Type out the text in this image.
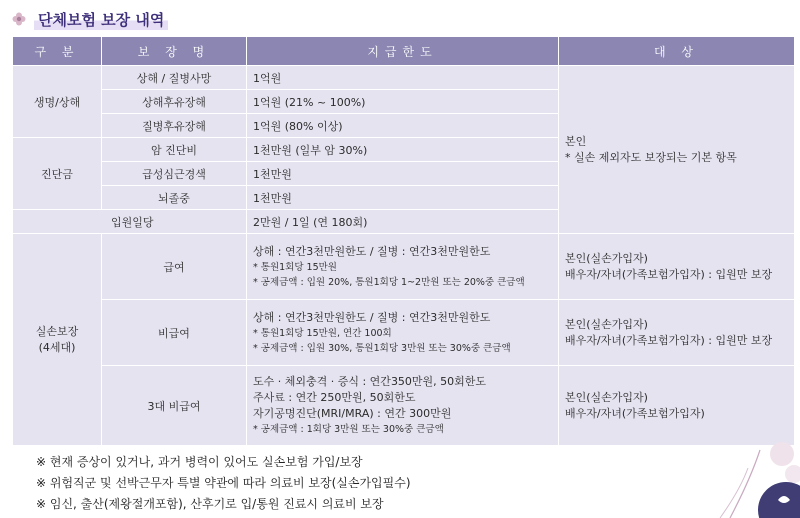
단체보험 보장 내역
구 분	보 장 명	지급한도	대 상
생명/상해	상해 / 질병사망	1억원	본인
* 실손 제외자도 보장되는 기본 항목

	상해후유장해	1억원 (21% ~ 100%)	
	질병후유장해	1억원 (80% 이상)	
진단금	암 진단비	1천만원 (일부 암 30%)	
	급성심근경색	1천만원	
	뇌졸중	1천만원	
입원일당		2만원 / 1일 (연 180회)	

실손보장
(4세대)	급여	상해 : 연간3천만원한도 / 질병 : 연간3천만원한도
* 통원1회당 15만원
* 공제금액 : 입원 20%, 통원1회당 1~2만원 또는 20%중 큰금액	본인(실손가입자)
배우자/자녀(가족보험가입자) : 입원만 보장

	비급여	상해 : 연간3천만원한도 / 질병 : 연간3천만원한도
* 통원1회당 15만원, 연간 100회
* 공제금액 : 입원 30%, 통원1회당 3만원 또는 30%중 큰금액	본인(실손가입자)
배우자/자녀(가족보험가입자) : 입원만 보장

	3대 비급여	도수 · 체외충격 · 증식 : 연간350만원, 50회한도
주사료 : 연간 250만원, 50회한도
자기공명진단(MRI/MRA) : 연간 300만원
* 공제금액 : 1회당 3만원 또는 30%중 큰금액	본인(실손가입자)
배우자/자녀(가족보험가입자)
※ 현재 증상이 있거나, 과거 병력이 있어도 실손보험 가입/보장
※ 위험직군 및 선박근무자 특별 약관에 따라 의료비 보장(실손가입필수)
※ 임신, 출산(제왕절개포함), 산후기로 입/통원 진료시 의료비 보장
